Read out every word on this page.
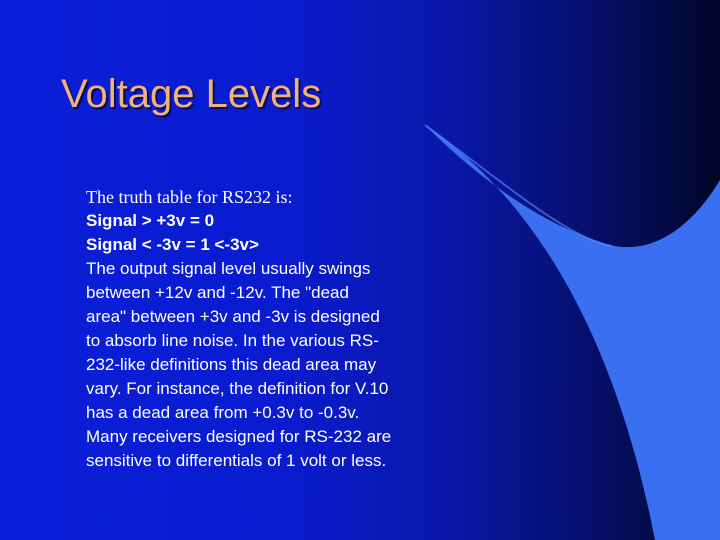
Voltage Levels
The truth table for RS232 is:
Signal > +3v = 0
Signal < -3v = 1 <-3v>
The output signal level usually swings
between +12v and -12v. The "dead
area" between +3v and -3v is designed
to absorb line noise. In the various RS-
232-like definitions this dead area may
vary. For instance, the definition for V.10
has a dead area from +0.3v to -0.3v.
Many receivers designed for RS-232 are
sensitive to differentials of 1 volt or less.
